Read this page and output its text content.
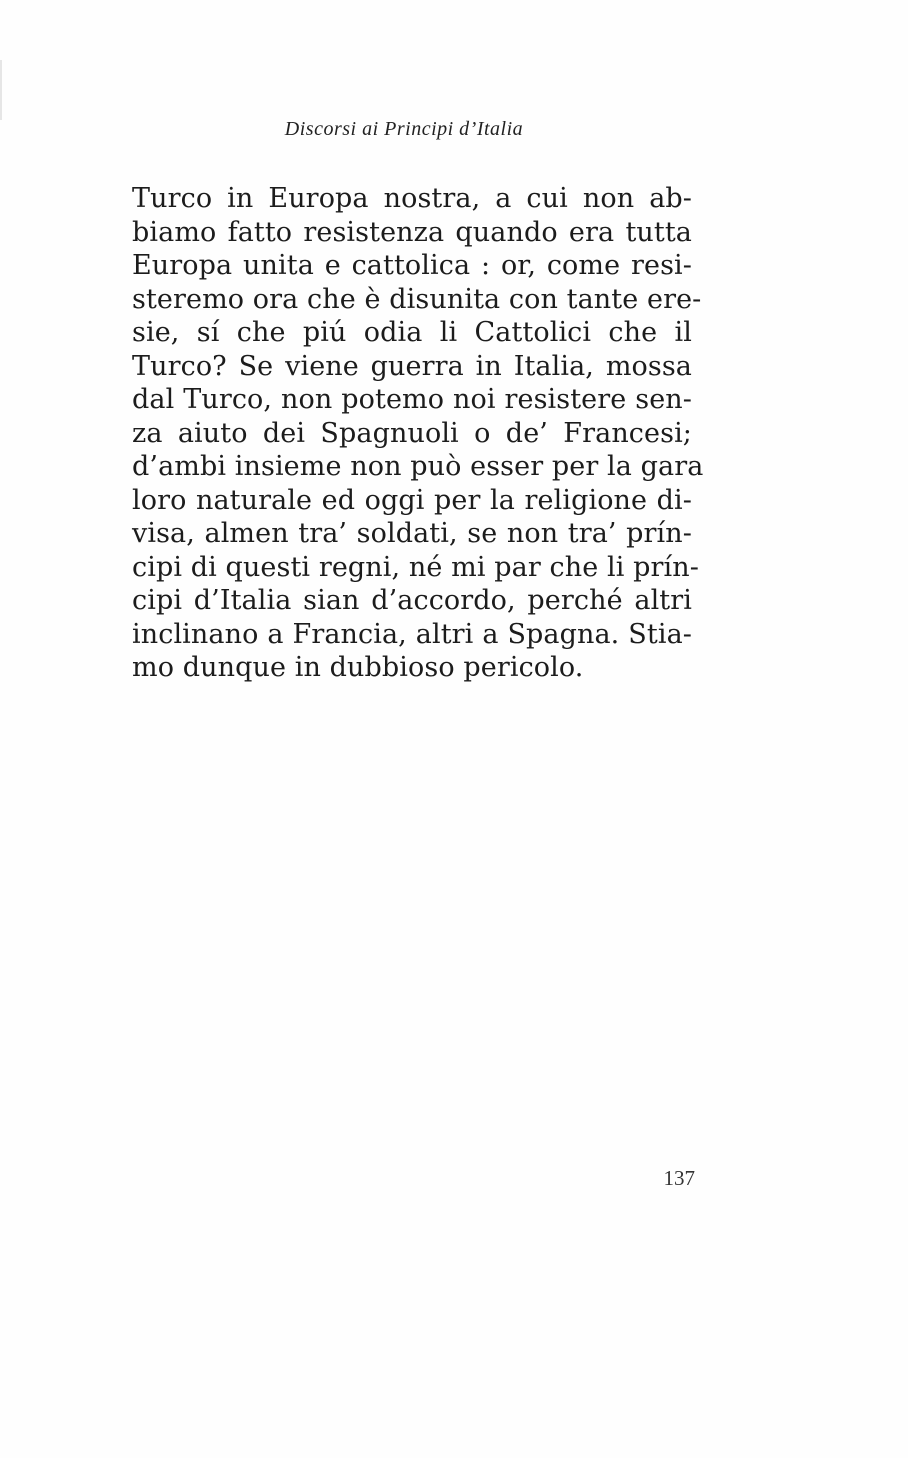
Discorsi ai Principi d’Italia
Turco in Europa nostra, a cui non ab-
biamo fatto resistenza quando era tutta
Europa unita e cattolica : or, come resi-
steremo ora che è disunita con tante ere-
sie, sí che piú odia li Cattolici che il
Turco? Se viene guerra in Italia, mossa
dal Turco, non potemo noi resistere sen-
za aiuto dei Spagnuoli o de’ Francesi;
d’ambi insieme non può esser per la gara
loro naturale ed oggi per la religione di-
visa, almen tra’ soldati, se non tra’ prín-
cipi di questi regni, né mi par che li prín-
cipi d’Italia sian d’accordo, perché altri
inclinano a Francia, altri a Spagna. Stia-
mo dunque in dubbioso pericolo.
137
